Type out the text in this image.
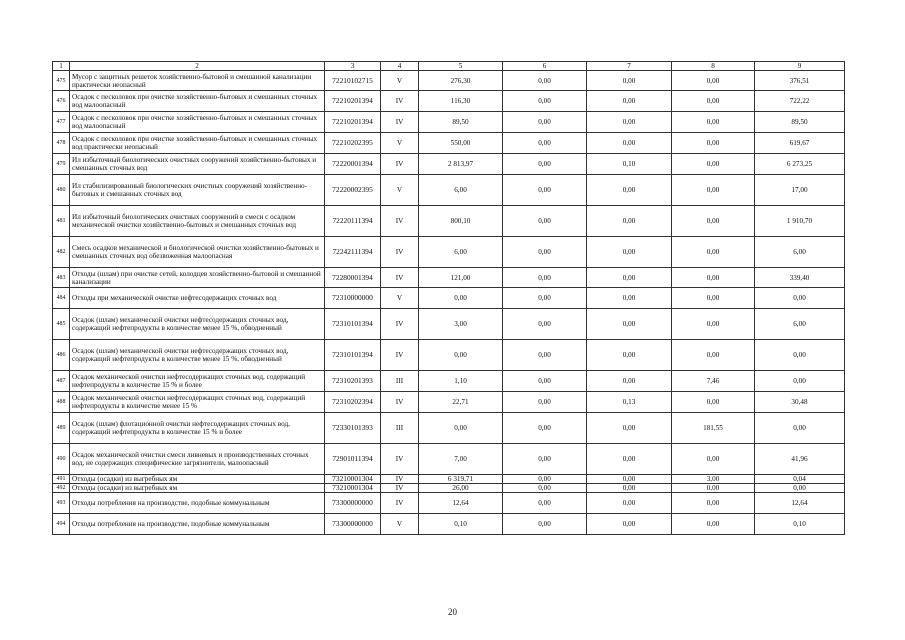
1	2	3	4	5	6	7	8	9
475	Мусор с защитных решеток хозяйственно-бытовой и смешанной канализации практически неопасный	72210102715	V	276,30	0,00	0,00	0,00	376,51
476	Осадок с песколовок при очистке хозяйственно-бытовых и смешанных сточных вод малоопасный	72210201394	IV	116,30	0,00	0,00	0,00	722,22
477	Осадок с песколовок при очистке хозяйственно-бытовых и смешанных сточных вод малоопасный	72210201394	IV	89,50	0,00	0,00	0,00	89,50
478	Осадок с песколовок при очистке хозяйственно-бытовых и смешанных сточных вод практически неопасный	72210202395	V	550,00	0,00	0,00	0,00	619,67
479	Ил избыточный биологических очистных сооружений хозяйственно-бытовых и смешанных сточных вод	72220001394	IV	2 813,97	0,00	0,10	0,00	6 273,25
480	Ил стабилизированный биологических очистных сооружений хозяйственно-бытовых и смешанных сточных вод	72220002395	V	6,00	0,00	0,00	0,00	17,00
481	Ил избыточный биологических очистных сооружений в смеси с осадком механической очистки хозяйственно-бытовых и смешанных сточных вод	72220111394	IV	800,10	0,00	0,00	0,00	1 910,70
482	Смесь осадков механической и биологической очистки хозяйственно-бытовых и смешанных сточных вод обезвоженная малоопасная	72242111394	IV	6,00	0,00	0,00	0,00	6,00
483	Отходы (шлам) при очистке сетей, колодцев хозяйственно-бытовой и смешанной канализации	72280001394	IV	121,00	0,00	0,00	0,00	339,40
484	Отходы при механической очистке нефтесодержащих сточных вод	72310000000	V	0,00	0,00	0,00	0,00	0,00
485	Осадок (шлам) механической очистки нефтесодержащих сточных вод, содержащий нефтепродукты в количестве менее 15 %, обводненный	72310101394	IV	3,00	0,00	0,00	0,00	6,00
486	Осадок (шлам) механической очистки нефтесодержащих сточных вод, содержащий нефтепродукты в количестве менее 15 %, обводненный	72310101394	IV	0,00	0,00	0,00	0,00	0,00
487	Осадок механической очистки нефтесодержащих сточных вод, содержащий нефтепродукты в количестве 15 % и более	72310201393	III	1,10	0,00	0,00	7,46	0,00
488	Осадок механической очистки нефтесодержащих сточных вод, содержащий нефтепродукты в количестве менее 15 %	72310202394	IV	22,71	0,00	0,13	0,00	30,48
489	Осадок (шлам) флотационной очистки нефтесодержащих сточных вод, содержащий нефтепродукты в количестве 15 % и более	72330101393	III	0,00	0,00	0,00	181,55	0,00
490	Осадок механической очистки смеси ливневых и производственных сточных вод, не содержащих специфические загрязнители, малоопасный	72901011394	IV	7,00	0,00	0,00	0,00	41,96
491	Отходы (осадки) из выгребных ям	73210001304	IV	6 319,71	0,00	0,00	3,00	0,04
492	Отходы (осадки) из выгребных ям	73210001304	IV	26,00	0,00	0,00	0,00	0,00
493	Отходы потребления на производстве, подобные коммунальным	73300000000	IV	12,64	0,00	0,00	0,00	12,64
494	Отходы потребления на производстве, подобные коммунальным	73300000000	V	0,10	0,00	0,00	0,00	0,10
20
